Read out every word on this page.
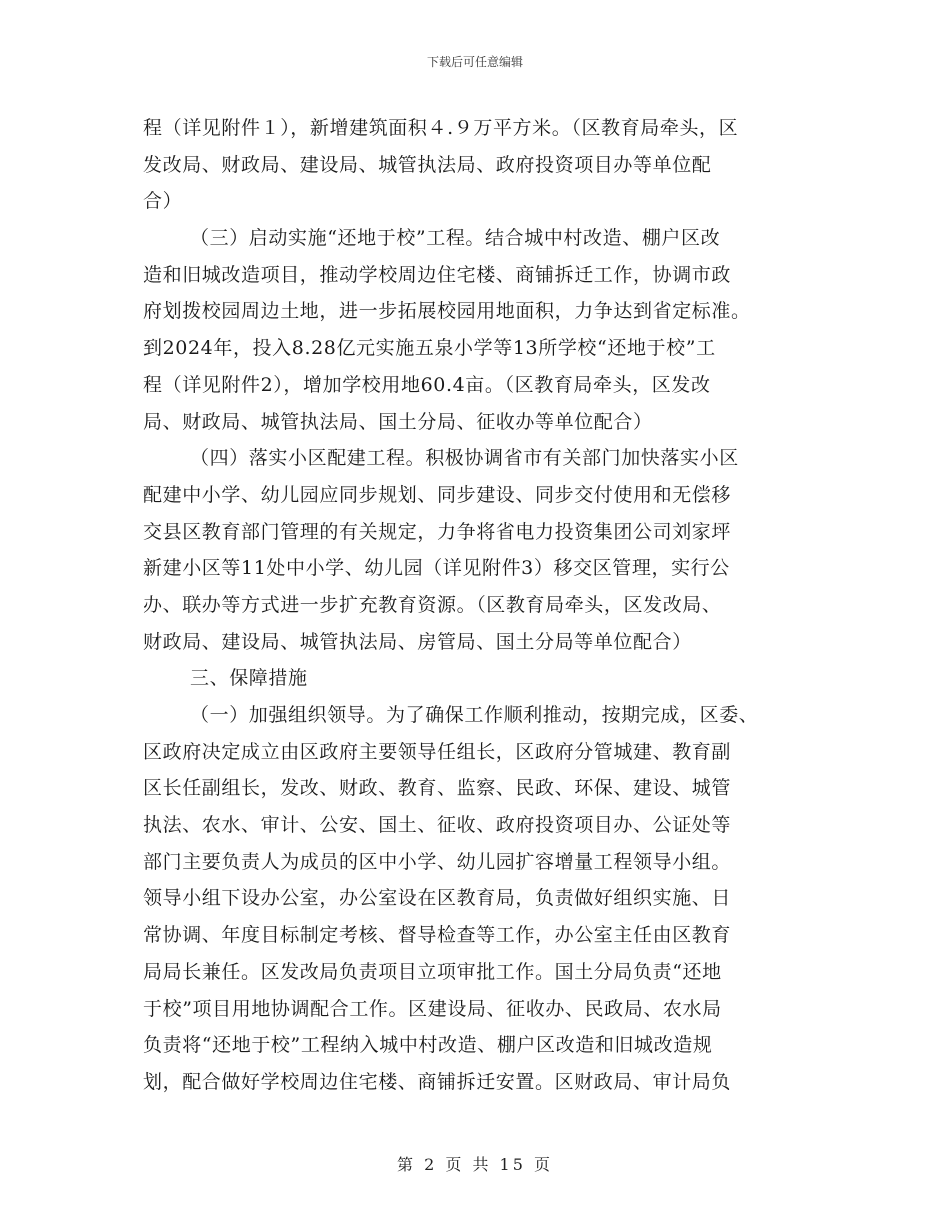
下载后可任意编辑
程（详见附件１），新增建筑面积４.９万平方米。（区教育局牵头，区
发改局、财政局、建设局、城管执法局、政府投资项目办等单位配
合）
（三）启动实施“还地于校”工程。结合城中村改造、棚户区改
造和旧城改造项目，推动学校周边住宅楼、商铺拆迁工作，协调市政
府划拨校园周边土地，进一步拓展校园用地面积，力争达到省定标准。
到2024年，投入8.28亿元实施五泉小学等13所学校“还地于校”工
程（详见附件2），增加学校用地60.4亩。（区教育局牵头，区发改
局、财政局、城管执法局、国土分局、征收办等单位配合）
（四）落实小区配建工程。积极协调省市有关部门加快落实小区
配建中小学、幼儿园应同步规划、同步建设、同步交付使用和无偿移
交县区教育部门管理的有关规定，力争将省电力投资集团公司刘家坪
新建小区等11处中小学、幼儿园（详见附件3）移交区管理，实行公
办、联办等方式进一步扩充教育资源。（区教育局牵头，区发改局、
财政局、建设局、城管执法局、房管局、国土分局等单位配合）
三、保障措施
（一）加强组织领导。为了确保工作顺利推动，按期完成，区委、
区政府决定成立由区政府主要领导任组长，区政府分管城建、教育副
区长任副组长，发改、财政、教育、监察、民政、环保、建设、城管
执法、农水、审计、公安、国土、征收、政府投资项目办、公证处等
部门主要负责人为成员的区中小学、幼儿园扩容增量工程领导小组。
领导小组下设办公室，办公室设在区教育局，负责做好组织实施、日
常协调、年度目标制定考核、督导检查等工作，办公室主任由区教育
局局长兼任。区发改局负责项目立项审批工作。国土分局负责“还地
于校”项目用地协调配合工作。区建设局、征收办、民政局、农水局
负责将“还地于校”工程纳入城中村改造、棚户区改造和旧城改造规
划，配合做好学校周边住宅楼、商铺拆迁安置。区财政局、审计局负
第 2 页 共 15 页
